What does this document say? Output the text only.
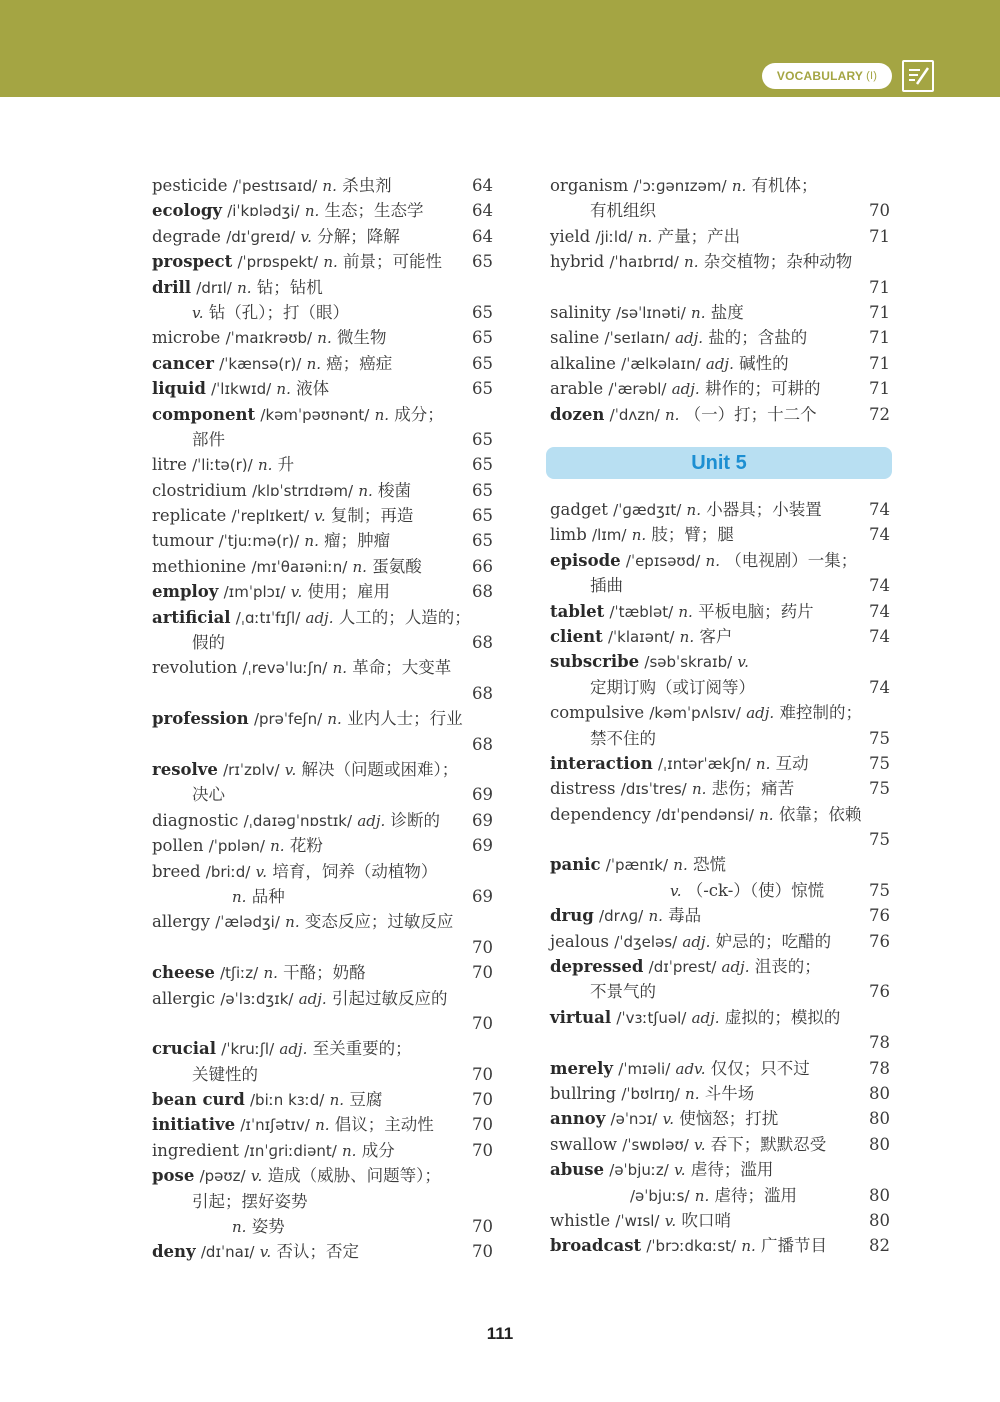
VOCABULARY (I)
pesticide /ˈpestɪsaɪd/ n. 杀虫剂	64
ecology /iˈkɒlədʒi/ n. 生态；生态学	64
degrade /dɪˈɡreɪd/ v. 分解；降解	64
prospect /ˈprɒspekt/ n. 前景；可能性 65
drill /drɪl/ n. 钻；钻机
v. 钻（孔）；打（眼）	65
microbe /ˈmaɪkrəʊb/ n. 微生物	65
cancer /ˈkænsə(r)/ n. 癌；癌症	65
liquid /ˈlɪkwɪd/ n. 液体	65
component /kəmˈpəʊnənt/ n. 成分；
部件	65
litre /ˈliːtə(r)/ n. 升	65
clostridium /klɒˈstrɪdɪəm/ n. 梭菌	65
replicate /ˈreplɪkeɪt/ v. 复制；再造	65
tumour /ˈtjuːmə(r)/ n. 瘤；肿瘤	65
methionine /mɪˈθaɪəniːn/ n. 蛋氨酸	66
employ /ɪmˈplɔɪ/ v. 使用；雇用	68
artificial /ˌɑːtɪˈfɪʃl/ adj. 人工的；人造的；
假的	68
revolution /ˌrevəˈluːʃn/ n. 革命；大变革
68
profession /prəˈfeʃn/ n. 业内人士；行业
68
resolve /rɪˈzɒlv/ v. 解决（问题或困难）；
决心	69
diagnostic /ˌdaɪəɡˈnɒstɪk/ adj. 诊断的 69
pollen /ˈpɒlən/ n. 花粉	69
breed /briːd/ v. 培育，饲养（动植物）
n. 品种	69
allergy /ˈælədʒi/ n. 变态反应；过敏反应
70
cheese /tʃiːz/ n. 干酪；奶酪	70
allergic /əˈlɜːdʒɪk/ adj. 引起过敏反应的
70
crucial /ˈkruːʃl/ adj. 至关重要的；
关键性的	70
bean curd /biːn kɜːd/ n. 豆腐	70
initiative /ɪˈnɪʃətɪv/ n. 倡议；主动性 70
ingredient /ɪnˈɡriːdiənt/ n. 成分	70
pose /pəʊz/ v. 造成（威胁、问题等）；
引起；摆好姿势
n. 姿势	70
deny /dɪˈnaɪ/ v. 否认；否定	70
organism /ˈɔːɡənɪzəm/ n. 有机体；
有机组织	70
yield /jiːld/ n. 产量；产出	71
hybrid /ˈhaɪbrɪd/ n. 杂交植物；杂种动物
71
salinity /səˈlɪnəti/ n. 盐度	71
saline /ˈseɪlaɪn/ adj. 盐的；含盐的	71
alkaline /ˈælkəlaɪn/ adj. 碱性的	71
arable /ˈærəbl/ adj. 耕作的；可耕的	71
dozen /ˈdʌzn/ n. （一）打；十二个	72
Unit 5
gadget /ˈɡædʒɪt/ n. 小器具；小装置	74
limb /lɪm/ n. 肢；臂；腿	74
episode /ˈepɪsəʊd/ n. （电视剧）一集；
插曲	74
tablet /ˈtæblət/ n. 平板电脑；药片	74
client /ˈklaɪənt/ n. 客户	74
subscribe /səbˈskraɪb/ v.
定期订购（或订阅等）	74
compulsive /kəmˈpʌlsɪv/ adj. 难控制的；
禁不住的	75
interaction /ˌɪntərˈækʃn/ n. 互动	75
distress /dɪsˈtres/ n. 悲伤；痛苦	75
dependency /dɪˈpendənsi/ n. 依靠；依赖
75
panic /ˈpænɪk/ n. 恐慌
v. （-ck-）（使）惊慌	75
drug /drʌɡ/ n. 毒品	76
jealous /ˈdʒeləs/ adj. 妒忌的；吃醋的 76
depressed /dɪˈprest/ adj. 沮丧的；
不景气的	76
virtual /ˈvɜːtʃuəl/ adj. 虚拟的；模拟的
78
merely /ˈmɪəli/ adv. 仅仅；只不过	78
bullring /ˈbʊlrɪŋ/ n. 斗牛场	80
annoy /əˈnɔɪ/ v. 使恼怒；打扰	80
swallow /ˈswɒləʊ/ v. 吞下；默默忍受	80
abuse /əˈbjuːz/ v. 虐待；滥用
/əˈbjuːs/ n. 虐待；滥用	80
whistle /ˈwɪsl/ v. 吹口哨	80
broadcast /ˈbrɔːdkɑːst/ n. 广播节目	82
111
